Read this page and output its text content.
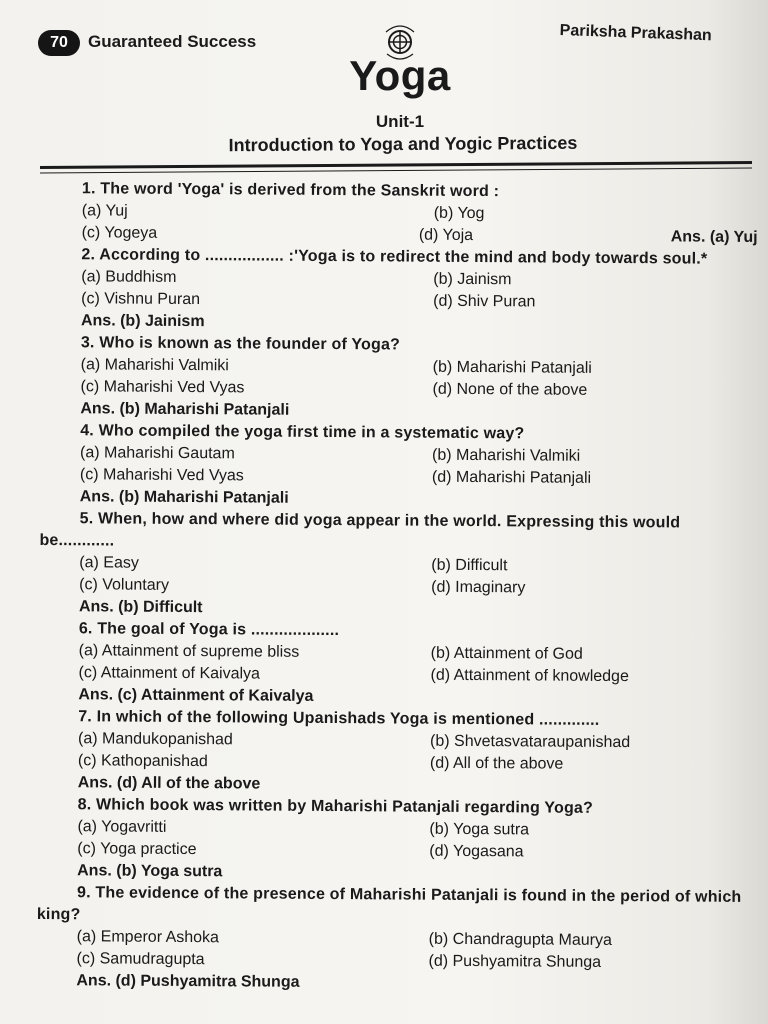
70	Guaranteed Success	Pariksha Prakashan
Yoga
Unit-1
Introduction to Yoga and Yogic Practices
1. The word 'Yoga' is derived from the Sanskrit word :
(a) Yuj	(b) Yog
(c) Yogeya	(d) Yoja	Ans. (a) Yuj
2. According to ................. :'Yoga is to redirect the mind and body towards soul.*
(a) Buddhism	(b) Jainism
(c) Vishnu Puran	(d) Shiv Puran
Ans. (b) Jainism
3. Who is known as the founder of Yoga?
(a) Maharishi Valmiki	(b) Maharishi Patanjali
(c) Maharishi Ved Vyas	(d) None of the above
Ans. (b) Maharishi Patanjali
4. Who compiled the yoga first time in a systematic way?
(a) Maharishi Gautam	(b) Maharishi Valmiki
(c) Maharishi Ved Vyas	(d) Maharishi Patanjali
Ans. (b) Maharishi Patanjali
5. When, how and where did yoga appear in the world. Expressing this would be............
(a) Easy	(b) Difficult
(c) Voluntary	(d) Imaginary
Ans. (b) Difficult
6. The goal of Yoga is ...................
(a) Attainment of supreme bliss	(b) Attainment of God
(c) Attainment of Kaivalya	(d) Attainment of knowledge
Ans. (c) Attainment of Kaivalya
7. In which of the following Upanishads Yoga is mentioned .............
(a) Mandukopanishad	(b) Shvetasvataraupanishad
(c) Kathopanishad	(d) All of the above
Ans. (d) All of the above
8. Which book was written by Maharishi Patanjali regarding Yoga?
(a) Yogavritti	(b) Yoga sutra
(c) Yoga practice	(d) Yogasana
Ans. (b) Yoga sutra
9. The evidence of the presence of Maharishi Patanjali is found in the period of which king?
(a) Emperor Ashoka	(b) Chandragupta Maurya
(c) Samudragupta	(d) Pushyamitra Shunga
Ans. (d) Pushyamitra Shunga
